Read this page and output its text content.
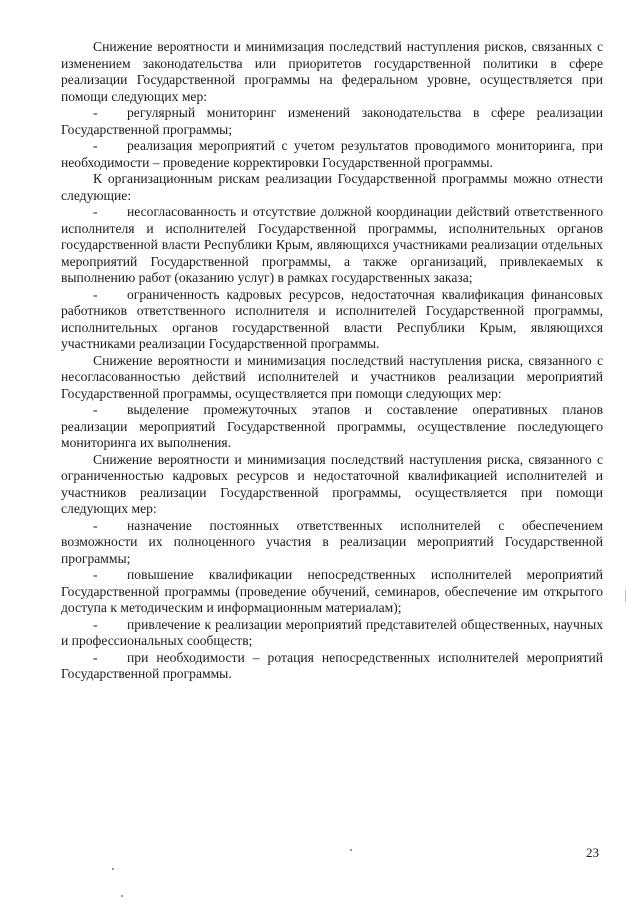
Снижение вероятности и минимизация последствий наступления рисков, связанных с изменением законодательства или приоритетов государственной политики в сфере реализации Государственной программы на федеральном уровне, осуществляется при помощи следующих мер:

- регулярный мониторинг изменений законодательства в сфере реализации Государственной программы;

- реализация мероприятий с учетом результатов проводимого мониторинга, при необходимости – проведение корректировки Государственной программы.

К организационным рискам реализации Государственной программы можно отнести следующие:

- несогласованность и отсутствие должной координации действий ответственного исполнителя и исполнителей Государственной программы, исполнительных органов государственной власти Республики Крым, являющихся участниками реализации отдельных мероприятий Государственной программы, а также организаций, привлекаемых к выполнению работ (оказанию услуг) в рамках государственных заказа;

- ограниченность кадровых ресурсов, недостаточная квалификация финансовых работников ответственного исполнителя и исполнителей Государственной программы, исполнительных органов государственной власти Республики Крым, являющихся участниками реализации Государственной программы.

Снижение вероятности и минимизация последствий наступления риска, связанного с несогласованностью действий исполнителей и участников реализации мероприятий Государственной программы, осуществляется при помощи следующих мер:

- выделение промежуточных этапов и составление оперативных планов реализации мероприятий Государственной программы, осуществление последующего мониторинга их выполнения.

Снижение вероятности и минимизация последствий наступления риска, связанного с ограниченностью кадровых ресурсов и недостаточной квалификацией исполнителей и участников реализации Государственной программы, осуществляется при помощи следующих мер:

- назначение постоянных ответственных исполнителей с обеспечением возможности их полноценного участия в реализации мероприятий Государственной программы;

- повышение квалификации непосредственных исполнителей мероприятий Государственной программы (проведение обучений, семинаров, обеспечение им открытого доступа к методическим и информационным материалам);

- привлечение к реализации мероприятий представителей общественных, научных и профессиональных сообществ;

- при необходимости – ротация непосредственных исполнителей мероприятий Государственной программы.

23
